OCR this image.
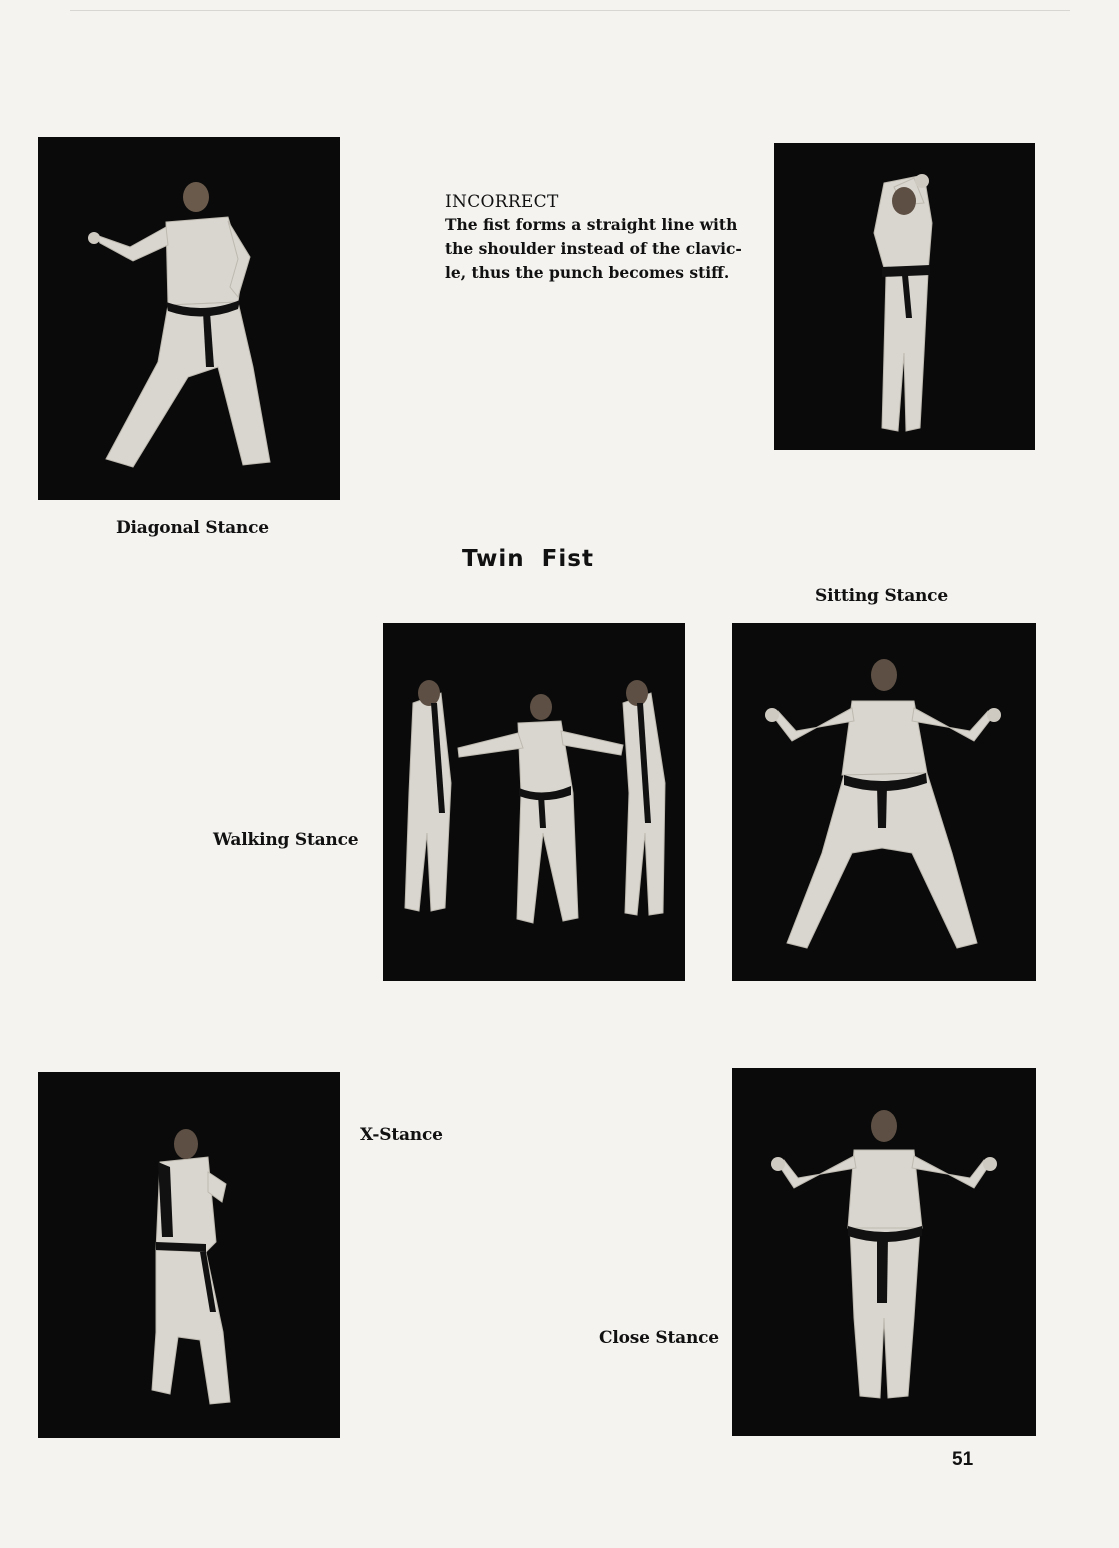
Diagonal Stance
INCORRECT
The fist forms a straight line with
the shoulder instead of the clavic-
le, thus the punch becomes stiff.
Twin Fist
Sitting Stance
Walking Stance
X-Stance
Close Stance
51
